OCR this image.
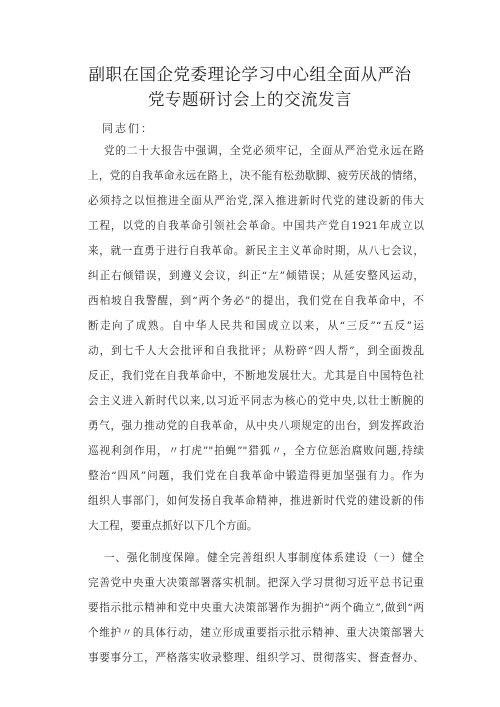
副职在国企党委理论学习中心组全面从严治
党专题研讨会上的交流发言
同志们：
党的二十大报告中强调，全党必须牢记，全面从严治党永远在路
上，党的自我革命永远在路上，决不能有松劲歇脚、疲劳厌战的情绪，
必须持之以恒推进全面从严治党,深入推进新时代党的建设新的伟大
工程，以党的自我革命引领社会革命。中国共产党自1921年成立以
来，就一直勇于进行自我革命。新民主主义革命时期，从八七会议，
纠正右倾错误，到遵义会议，纠正“左”倾错误；从延安整风运动，
西柏坡自我警醒，到“两个务必”的提出，我们党在自我革命中，不
断走向了成熟。自中华人民共和国成立以来，从“三反”“五反”运
动，到七千人大会批评和自我批评；从粉碎“四人帮”，到全面拨乱
反正，我们党在自我革命中，不断地发展壮大。尤其是自中国特色社
会主义进入新时代以来,以习近平同志为核心的党中央,以壮士断腕的
勇气，强力推动党的自我革命，从中央八项规定的出台，到发挥政治
巡视利剑作用，〃打虎”"拍蝇”"猎狐〃，全方位惩治腐败问题,持续
整治“四风”问题，我们党在自我革命中锻造得更加坚强有力。作为
组织人事部门，如何发扬自我革命精神，推进新时代党的建设新的伟
大工程，要重点抓好以下几个方面。
一、强化制度保障。健全完善组织人事制度体系建设（一）健全
完善党中央重大决策部署落实机制。把深入学习贯彻习近平总书记重
要指示批示精神和党中央重大决策部署作为拥护“两个确立”,做到“两
个维护〃的具体行动，建立形成重要指示批示精神、重大决策部署大
事要事分工，严格落实收录整理、组织学习、贯彻落实、督查督办、
